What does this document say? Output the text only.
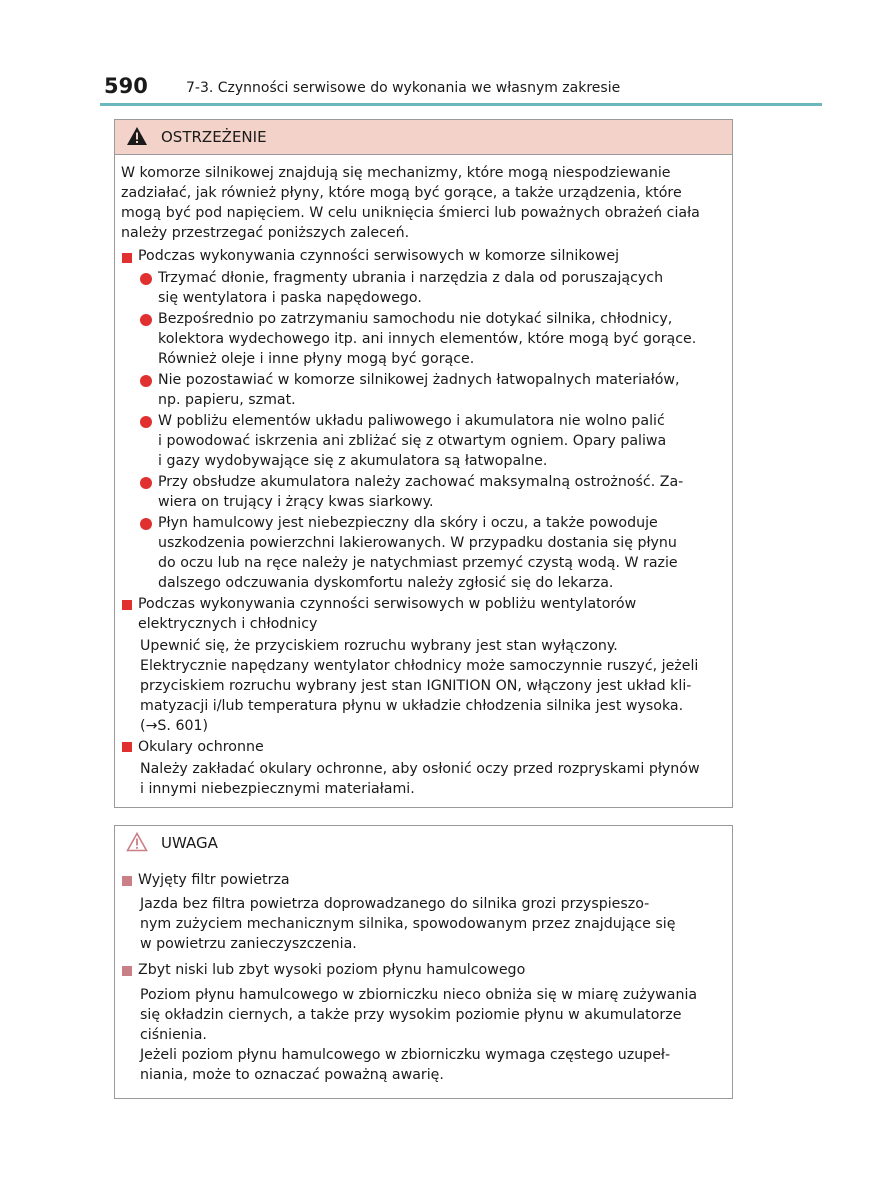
590	7-3. Czynności serwisowe do wykonania we własnym zakresie
OSTRZEŻENIE
W komorze silnikowej znajdują się mechanizmy, które mogą niespodziewanie
zadziałać, jak również płyny, które mogą być gorące, a także urządzenia, które
mogą być pod napięciem. W celu uniknięcia śmierci lub poważnych obrażeń ciała
należy przestrzegać poniższych zaleceń.
Podczas wykonywania czynności serwisowych w komorze silnikowej
Trzymać dłonie, fragmenty ubrania i narzędzia z dala od poruszających
się wentylatora i paska napędowego.
Bezpośrednio po zatrzymaniu samochodu nie dotykać silnika, chłodnicy,
kolektora wydechowego itp. ani innych elementów, które mogą być gorące.
Również oleje i inne płyny mogą być gorące.
Nie pozostawiać w komorze silnikowej żadnych łatwopalnych materiałów,
np. papieru, szmat.
W pobliżu elementów układu paliwowego i akumulatora nie wolno palić
i powodować iskrzenia ani zbliżać się z otwartym ogniem. Opary paliwa
i gazy wydobywające się z akumulatora są łatwopalne.
Przy obsłudze akumulatora należy zachować maksymalną ostrożność. Za-
wiera on trujący i żrący kwas siarkowy.
Płyn hamulcowy jest niebezpieczny dla skóry i oczu, a także powoduje
uszkodzenia powierzchni lakierowanych. W przypadku dostania się płynu
do oczu lub na ręce należy je natychmiast przemyć czystą wodą. W razie
dalszego odczuwania dyskomfortu należy zgłosić się do lekarza.
Podczas wykonywania czynności serwisowych w pobliżu wentylatorów
elektrycznych i chłodnicy
Upewnić się, że przyciskiem rozruchu wybrany jest stan wyłączony.
Elektrycznie napędzany wentylator chłodnicy może samoczynnie ruszyć, jeżeli
przyciskiem rozruchu wybrany jest stan IGNITION ON, włączony jest układ kli-
matyzacji i/lub temperatura płynu w układzie chłodzenia silnika jest wysoka.
(→S. 601)
Okulary ochronne
Należy zakładać okulary ochronne, aby osłonić oczy przed rozpryskami płynów
i innymi niebezpiecznymi materiałami.
UWAGA
Wyjęty filtr powietrza
Jazda bez filtra powietrza doprowadzanego do silnika grozi przyspieszo-
nym zużyciem mechanicznym silnika, spowodowanym przez znajdujące się
w powietrzu zanieczyszczenia.
Zbyt niski lub zbyt wysoki poziom płynu hamulcowego
Poziom płynu hamulcowego w zbiorniczku nieco obniża się w miarę zużywania
się okładzin ciernych, a także przy wysokim poziomie płynu w akumulatorze
ciśnienia.
Jeżeli poziom płynu hamulcowego w zbiorniczku wymaga częstego uzupeł-
niania, może to oznaczać poważną awarię.
